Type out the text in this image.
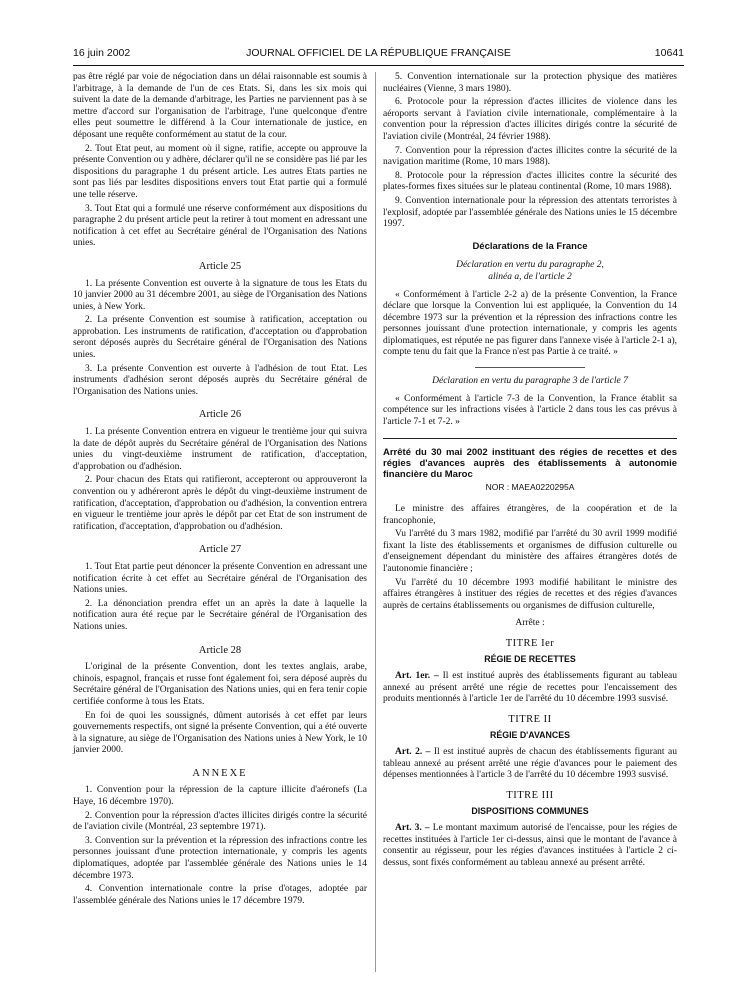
16 juin 2002	JOURNAL OFFICIEL DE LA RÉPUBLIQUE FRANÇAISE	10641

pas être réglé par voie de négociation dans un délai raisonnable est soumis à l'arbitrage, à la demande de l'un de ces Etats. Si, dans les six mois qui suivent la date de la demande d'arbitrage, les Parties ne parviennent pas à se mettre d'accord sur l'organisation de l'arbitrage, l'une quelconque d'entre elles peut soumettre le différend à la Cour internationale de justice, en déposant une requête conformément au statut de la cour.

2. Tout Etat peut, au moment où il signe, ratifie, accepte ou approuve la présente Convention ou y adhère, déclarer qu'il ne se considère pas lié par les dispositions du paragraphe 1 du présent article. Les autres Etats parties ne sont pas liés par lesdites dispositions envers tout Etat partie qui a formulé une telle réserve.

3. Tout Etat qui a formulé une réserve conformément aux dispositions du paragraphe 2 du présent article peut la retirer à tout moment en adressant une notification à cet effet au Secrétaire général de l'Organisation des Nations unies.

Article 25

1. La présente Convention est ouverte à la signature de tous les Etats du 10 janvier 2000 au 31 décembre 2001, au siège de l'Organisation des Nations unies, à New York.

2. La présente Convention est soumise à ratification, acceptation ou approbation. Les instruments de ratification, d'acceptation ou d'approbation seront déposés auprès du Secrétaire général de l'Organisation des Nations unies.

3. La présente Convention est ouverte à l'adhésion de tout Etat. Les instruments d'adhésion seront déposés auprès du Secrétaire général de l'Organisation des Nations unies.

Article 26

1. La présente Convention entrera en vigueur le trentième jour qui suivra la date de dépôt auprès du Secrétaire général de l'Organisation des Nations unies du vingt-deuxième instrument de ratification, d'acceptation, d'approbation ou d'adhésion.

2. Pour chacun des Etats qui ratifieront, accepteront ou approuveront la convention ou y adhéreront après le dépôt du vingt-deuxième instrument de ratification, d'acceptation, d'approbation ou d'adhésion, la convention entrera en vigueur le trentième jour après le dépôt par cet Etat de son instrument de ratification, d'acceptation, d'approbation ou d'adhésion.

Article 27

1. Tout Etat partie peut dénoncer la présente Convention en adressant une notification écrite à cet effet au Secrétaire général de l'Organisation des Nations unies.

2. La dénonciation prendra effet un an après la date à laquelle la notification aura été reçue par le Secrétaire général de l'Organisation des Nations unies.

Article 28

L'original de la présente Convention, dont les textes anglais, arabe, chinois, espagnol, français et russe font également foi, sera déposé auprès du Secrétaire général de l'Organisation des Nations unies, qui en fera tenir copie certifiée conforme à tous les Etats.

En foi de quoi les soussignés, dûment autorisés à cet effet par leurs gouvernements respectifs, ont signé la présente Convention, qui a été ouverte à la signature, au siège de l'Organisation des Nations unies à New York, le 10 janvier 2000.

ANNEXE

1. Convention pour la répression de la capture illicite d'aéronefs (La Haye, 16 décembre 1970).

2. Convention pour la répression d'actes illicites dirigés contre la sécurité de l'aviation civile (Montréal, 23 septembre 1971).

3. Convention sur la prévention et la répression des infractions contre les personnes jouissant d'une protection internationale, y compris les agents diplomatiques, adoptée par l'assemblée générale des Nations unies le 14 décembre 1973.

4. Convention internationale contre la prise d'otages, adoptée par l'assemblée générale des Nations unies le 17 décembre 1979.

5. Convention internationale sur la protection physique des matières nucléaires (Vienne, 3 mars 1980).

6. Protocole pour la répression d'actes illicites de violence dans les aéroports servant à l'aviation civile internationale, complémentaire à la convention pour la répression d'actes illicites dirigés contre la sécurité de l'aviation civile (Montréal, 24 février 1988).

7. Convention pour la répression d'actes illicites contre la sécurité de la navigation maritime (Rome, 10 mars 1988).

8. Protocole pour la répression d'actes illicites contre la sécurité des plates-formes fixes situées sur le plateau continental (Rome, 10 mars 1988).

9. Convention internationale pour la répression des attentats terroristes à l'explosif, adoptée par l'assemblée générale des Nations unies le 15 décembre 1997.

Déclarations de la France
Déclaration en vertu du paragraphe 2,
alinéa a, de l'article 2

« Conformément à l'article 2-2 a) de la présente Convention, la France déclare que lorsque la Convention lui est appliquée, la Convention du 14 décembre 1973 sur la prévention et la répression des infractions contre les personnes jouissant d'une protection internationale, y compris les agents diplomatiques, est réputée ne pas figurer dans l'annexe visée à l'article 2-1 a), compte tenu du fait que la France n'est pas Partie à ce traité. »

Déclaration en vertu du paragraphe 3 de l'article 7

« Conformément à l'article 7-3 de la Convention, la France établit sa compétence sur les infractions visées à l'article 2 dans tous les cas prévus à l'article 7-1 et 7-2. »

Arrêté du 30 mai 2002 instituant des régies de recettes et des régies d'avances auprès des établissements à autonomie financière du Maroc
NOR : MAEA0220295A

Le ministre des affaires étrangères, de la coopération et de la francophonie,

Vu l'arrêté du 3 mars 1982, modifié par l'arrêté du 30 avril 1999 modifié fixant la liste des établissements et organismes de diffusion culturelle ou d'enseignement dépendant du ministère des affaires étrangères dotés de l'autonomie financière ;

Vu l'arrêté du 10 décembre 1993 modifié habilitant le ministre des affaires étrangères à instituer des régies de recettes et des régies d'avances auprès de certains établissements ou organismes de diffusion culturelle,

Arrête :
TITRE Ier
RÉGIE DE RECETTES

Art. 1er. – Il est institué auprès des établissements figurant au tableau annexé au présent arrêté une régie de recettes pour l'encaissement des produits mentionnés à l'article 1er de l'arrêté du 10 décembre 1993 susvisé.

TITRE II
RÉGIE D'AVANCES

Art. 2. – Il est institué auprès de chacun des établissements figurant au tableau annexé au présent arrêté une régie d'avances pour le paiement des dépenses mentionnées à l'article 3 de l'arrêté du 10 décembre 1993 susvisé.

TITRE III
DISPOSITIONS COMMUNES

Art. 3. – Le montant maximum autorisé de l'encaisse, pour les régies de recettes instituées à l'article 1er ci-dessus, ainsi que le montant de l'avance à consentir au régisseur, pour les régies d'avances instituées à l'article 2 ci-dessus, sont fixés conformément au tableau annexé au présent arrêté.
